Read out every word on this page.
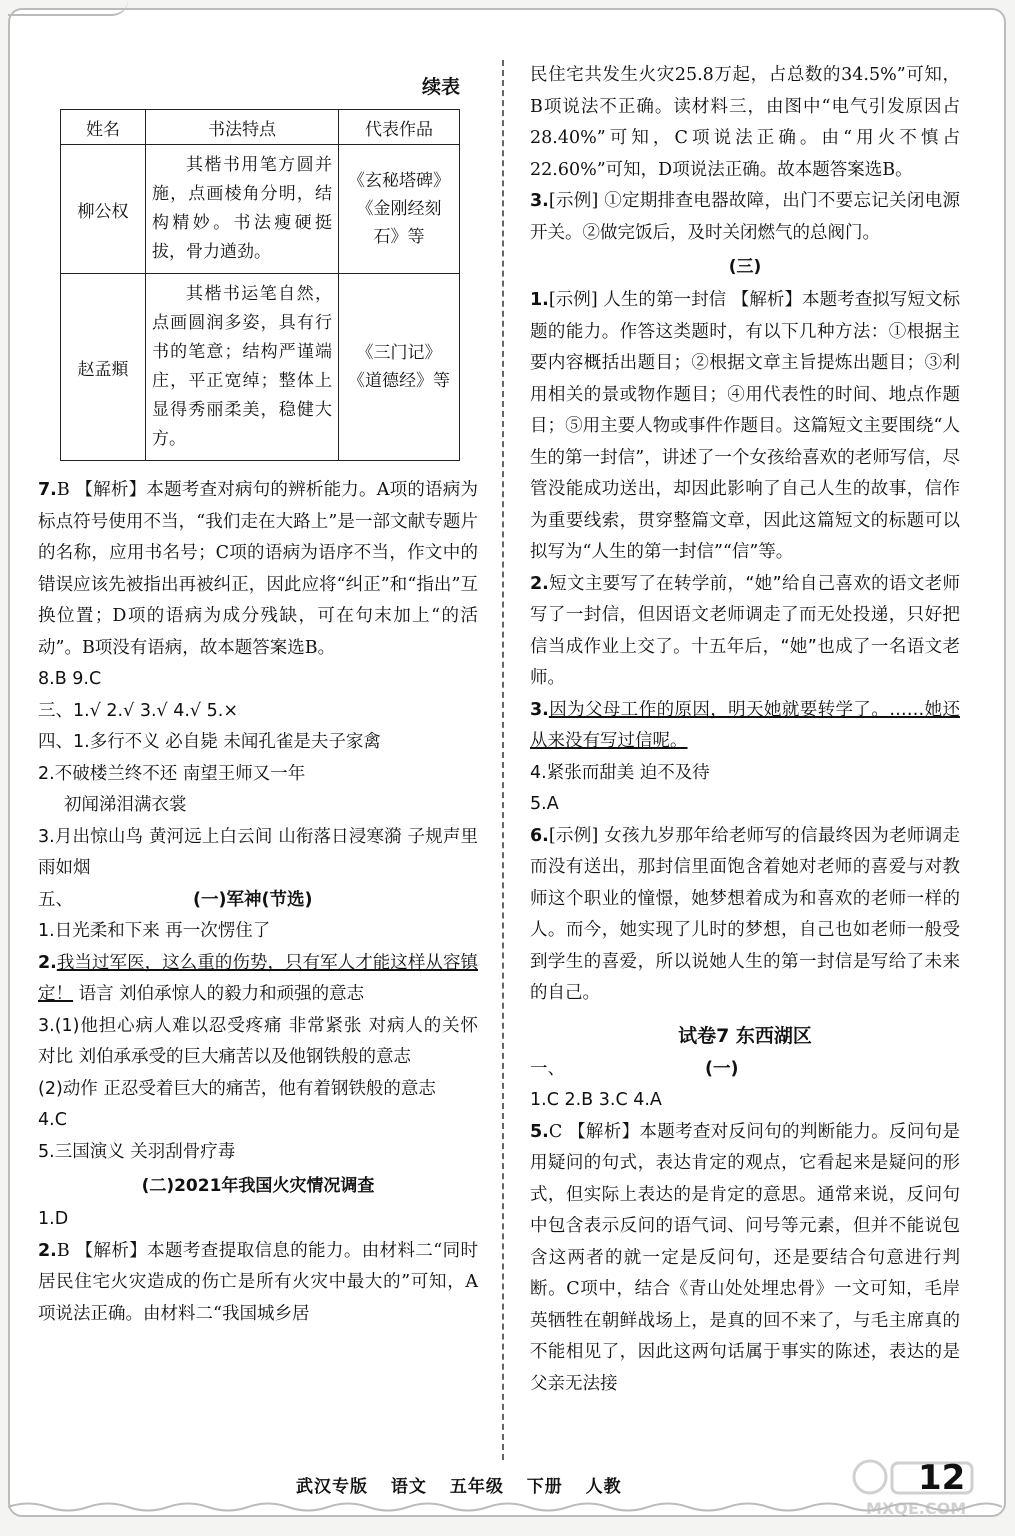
续表
姓名	书法特点	代表作品
柳公权	其楷书用笔方圆并施，点画棱角分明，结构精妙。书法瘦硬挺拔，骨力遒劲。	《玄秘塔碑》《金刚经刻石》等
赵孟頫	其楷书运笔自然，点画圆润多姿，具有行书的笔意；结构严谨端庄，平正宽绰；整体上显得秀丽柔美，稳健大方。	《三门记》《道德经》等

7.B 【解析】本题考查对病句的辨析能力。A项的语病为标点符号使用不当，“我们走在大路上”是一部文献专题片的名称，应用书名号；C项的语病为语序不当，作文中的错误应该先被指出再被纠正，因此应将“纠正”和“指出”互换位置；D项的语病为成分残缺，可在句末加上“的活动”。B项没有语病，故本题答案选B。

8.B 9.C

三、1.√ 2.√ 3.√ 4.√ 5.×

四、1.多行不义 必自毙 未闻孔雀是夫子家禽

2.不破楼兰终不还 南望王师又一年

初闻涕泪满衣裳

3.月出惊山鸟 黄河远上白云间 山衔落日浸寒漪 子规声里雨如烟

五、	(一)军神(节选)

1.日光柔和下来 再一次愣住了

2.我当过军医，这么重的伤势，只有军人才能这样从容镇定！ 语言 刘伯承惊人的毅力和顽强的意志

3.(1)他担心病人难以忍受疼痛 非常紧张 对病人的关怀 对比 刘伯承承受的巨大痛苦以及他钢铁般的意志

(2)动作 正忍受着巨大的痛苦，他有着钢铁般的意志

4.C

5.三国演义 关羽刮骨疗毒

(二)2021年我国火灾情况调查

1.D

2.B 【解析】本题考查提取信息的能力。由材料二“同时居民住宅火灾造成的伤亡是所有火灾中最大的”可知，A项说法正确。由材料二“我国城乡居

民住宅共发生火灾25.8万起，占总数的34.5%”可知，B项说法不正确。读材料三，由图中“电气引发原因占28.40%”可知，C项说法正确。由“用火不慎占22.60%”可知，D项说法正确。故本题答案选B。

3.[示例] ①定期排查电器故障，出门不要忘记关闭电源开关。②做完饭后，及时关闭燃气的总阀门。

(三)

1.[示例] 人生的第一封信 【解析】本题考查拟写短文标题的能力。作答这类题时，有以下几种方法：①根据主要内容概括出题目；②根据文章主旨提炼出题目；③利用相关的景或物作题目；④用代表性的时间、地点作题目；⑤用主要人物或事件作题目。这篇短文主要围绕“人生的第一封信”，讲述了一个女孩给喜欢的老师写信，尽管没能成功送出，却因此影响了自己人生的故事，信作为重要线索，贯穿整篇文章，因此这篇短文的标题可以拟写为“人生的第一封信”“信”等。

2.短文主要写了在转学前，“她”给自己喜欢的语文老师写了一封信，但因语文老师调走了而无处投递，只好把信当成作业上交了。十五年后，“她”也成了一名语文老师。

3.因为父母工作的原因，明天她就要转学了。……她还从来没有写过信呢。

4.紧张而甜美 迫不及待

5.A

6.[示例] 女孩九岁那年给老师写的信最终因为老师调走而没有送出，那封信里面饱含着她对老师的喜爱与对教师这个职业的憧憬，她梦想着成为和喜欢的老师一样的人。而今，她实现了儿时的梦想，自己也如老师一般受到学生的喜爱，所以说她人生的第一封信是写给了未来的自己。

试卷7 东西湖区

一、	(一)

1.C 2.B 3.C 4.A

5.C 【解析】本题考查对反问句的判断能力。反问句是用疑问的句式，表达肯定的观点，它看起来是疑问的形式，但实际上表达的是肯定的意思。通常来说，反问句中包含表示反问的语气词、问号等元素，但并不能说包含这两者的就一定是反问句，还是要结合句意进行判断。C项中，结合《青山处处埋忠骨》一文可知，毛岸英牺牲在朝鲜战场上，是真的回不来了，与毛主席真的不能相见了，因此这两句话属于事实的陈述，表达的是父亲无法接

武汉专版 语文 五年级 下册 人教	12
MXQE.COM
